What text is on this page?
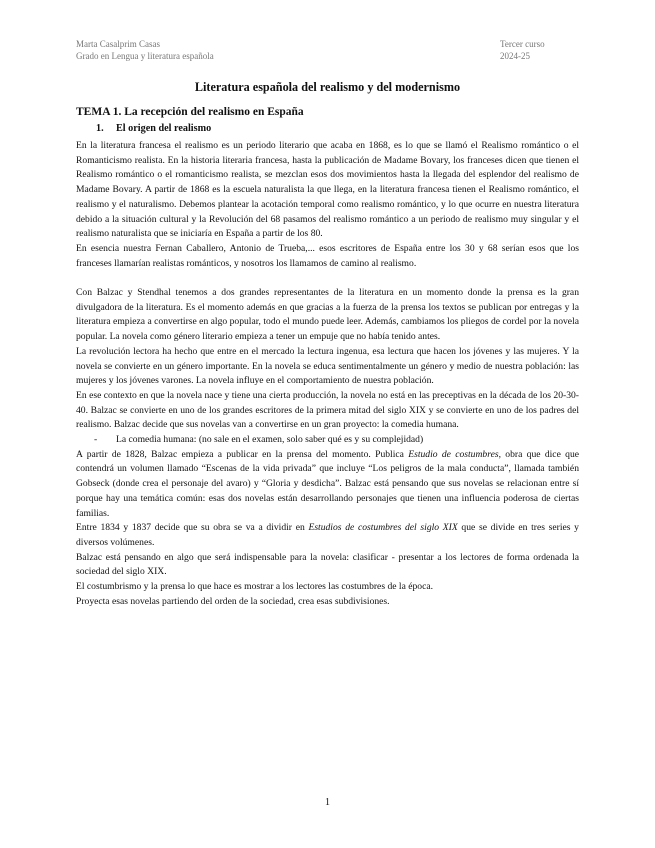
Marta Casalprim Casas
Grado en Lengua y literatura española
Tercer curso
2024-25
Literatura española del realismo y del modernismo
TEMA 1. La recepción del realismo en España
1. El origen del realismo

En la literatura francesa el realismo es un periodo literario que acaba en 1868, es lo que se llamó el Realismo romántico o el Romanticismo realista. En la historia literaria francesa, hasta la publicación de Madame Bovary, los franceses dicen que tienen el Realismo romántico o el romanticismo realista, se mezclan esos dos movimientos hasta la llegada del esplendor del realismo de Madame Bovary. A partir de 1868 es la escuela naturalista la que llega, en la literatura francesa tienen el Realismo romántico, el realismo y el naturalismo. Debemos plantear la acotación temporal como realismo romántico, y lo que ocurre en nuestra literatura debido a la situación cultural y la Revolución del 68 pasamos del realismo romántico a un periodo de realismo muy singular y el realismo naturalista que se iniciaría en España a partir de los 80.

En esencia nuestra Fernan Caballero, Antonio de Trueba,... esos escritores de España entre los 30 y 68 serían esos que los franceses llamarían realistas románticos, y nosotros los llamamos de camino al realismo.

Con Balzac y Stendhal tenemos a dos grandes representantes de la literatura en un momento donde la prensa es la gran divulgadora de la literatura. Es el momento además en que gracias a la fuerza de la prensa los textos se publican por entregas y la literatura empieza a convertirse en algo popular, todo el mundo puede leer. Además, cambiamos los pliegos de cordel por la novela popular. La novela como género literario empieza a tener un empuje que no había tenido antes.

La revolución lectora ha hecho que entre en el mercado la lectura ingenua, esa lectura que hacen los jóvenes y las mujeres. Y la novela se convierte en un género importante. En la novela se educa sentimentalmente un género y medio de nuestra población: las mujeres y los jóvenes varones. La novela influye en el comportamiento de nuestra población.

En ese contexto en que la novela nace y tiene una cierta producción, la novela no está en las preceptivas en la década de los 20-30-40. Balzac se convierte en uno de los grandes escritores de la primera mitad del siglo XIX y se convierte en uno de los padres del realismo. Balzac decide que sus novelas van a convertirse en un gran proyecto: la comedia humana.

- La comedia humana: (no sale en el examen, solo saber qué es y su complejidad)

A partir de 1828, Balzac empieza a publicar en la prensa del momento. Publica Estudio de costumbres, obra que dice que contendrá un volumen llamado “Escenas de la vida privada” que incluye “Los peligros de la mala conducta”, llamada también Gobseck (donde crea el personaje del avaro) y “Gloria y desdicha”. Balzac está pensando que sus novelas se relacionan entre sí porque hay una temática común: esas dos novelas están desarrollando personajes que tienen una influencia poderosa de ciertas familias.

Entre 1834 y 1837 decide que su obra se va a dividir en Estudios de costumbres del siglo XIX que se divide en tres series y diversos volúmenes.

Balzac está pensando en algo que será indispensable para la novela: clasificar - presentar a los lectores de forma ordenada la sociedad del siglo XIX.

El costumbrismo y la prensa lo que hace es mostrar a los lectores las costumbres de la época.

Proyecta esas novelas partiendo del orden de la sociedad, crea esas subdivisiones.

1
